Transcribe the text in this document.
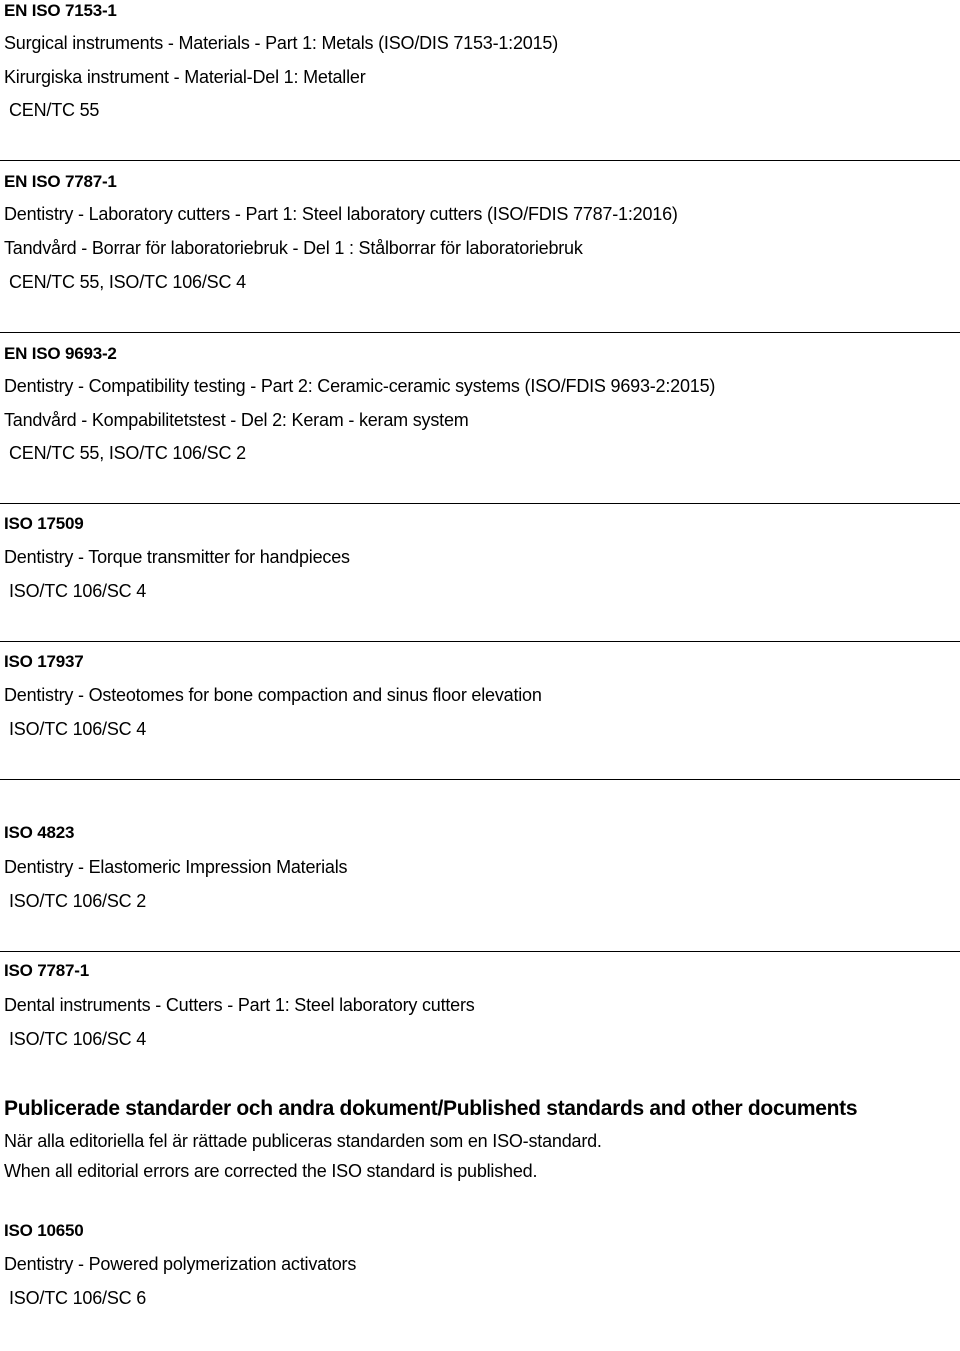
EN ISO 7153-1
Surgical instruments - Materials - Part 1: Metals (ISO/DIS 7153-1:2015)
Kirurgiska instrument - Material-Del 1: Metaller
CEN/TC 55
EN ISO 7787-1
Dentistry - Laboratory cutters - Part 1: Steel laboratory cutters (ISO/FDIS 7787-1:2016)
Tandvård - Borrar för laboratoriebruk - Del 1 : Stålborrar för laboratoriebruk
CEN/TC 55, ISO/TC 106/SC 4
EN ISO 9693-2
Dentistry - Compatibility testing - Part 2: Ceramic-ceramic systems (ISO/FDIS 9693-2:2015)
Tandvård - Kompabilitetstest - Del 2: Keram - keram system
CEN/TC 55, ISO/TC 106/SC 2
ISO 17509
Dentistry - Torque transmitter for handpieces
ISO/TC 106/SC 4
ISO 17937
Dentistry - Osteotomes for bone compaction and sinus floor elevation
ISO/TC 106/SC 4
ISO 4823
Dentistry - Elastomeric Impression Materials
ISO/TC 106/SC 2
ISO 7787-1
Dental instruments - Cutters - Part 1: Steel laboratory cutters
ISO/TC 106/SC 4
Publicerade standarder och andra dokument/Published standards and other documents
När alla editoriella fel är rättade publiceras standarden som en ISO-standard.
When all editorial errors are corrected the ISO standard is published.
ISO 10650
Dentistry - Powered polymerization activators
ISO/TC 106/SC 6
